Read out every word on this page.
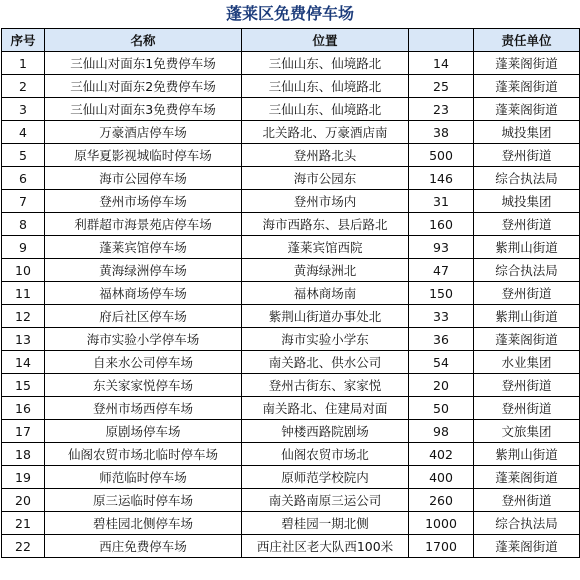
蓬莱区免费停车场
序号	名称	位置		责任单位
1	三仙山对面东1免费停车场	三仙山东、仙境路北	14	蓬莱阁街道
2	三仙山对面东2免费停车场	三仙山东、仙境路北	25	蓬莱阁街道
3	三仙山对面东3免费停车场	三仙山东、仙境路北	23	蓬莱阁街道
4	万豪酒店停车场	北关路北、万豪酒店南	38	城投集团
5	原华夏影视城临时停车场	登州路北头	500	登州街道
6	海市公园停车场	海市公园东	146	综合执法局
7	登州市场停车场	登州市场内	31	城投集团
8	利群超市海景苑店停车场	海市西路东、县后路北	160	登州街道
9	蓬莱宾馆停车场	蓬莱宾馆西院	93	紫荆山街道
10	黄海绿洲停车场	黄海绿洲北	47	综合执法局
11	福林商场停车场	福林商场南	150	登州街道
12	府后社区停车场	紫荆山街道办事处北	33	紫荆山街道
13	海市实验小学停车场	海市实验小学东	36	蓬莱阁街道
14	自来水公司停车场	南关路北、供水公司	54	水业集团
15	东关家家悦停车场	登州古街东、家家悦	20	登州街道
16	登州市场西停车场	南关路北、住建局对面	50	登州街道
17	原剧场停车场	钟楼西路院剧场	98	文旅集团
18	仙阁农贸市场北临时停车场	仙阁农贸市场北	402	紫荆山街道
19	师范临时停车场	原师范学校院内	400	蓬莱阁街道
20	原三运临时停车场	南关路南原三运公司	260	登州街道
21	碧桂园北侧停车场	碧桂园一期北侧	1000	综合执法局
22	西庄免费停车场	西庄社区老大队西100米	1700	蓬莱阁街道
